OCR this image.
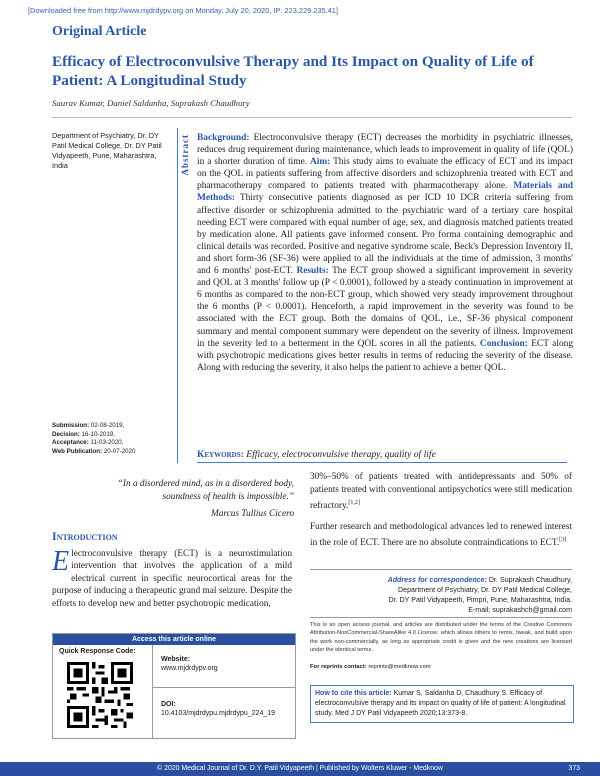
[Downloaded free from http://www.mjdrdypv.org on Monday, July 20, 2020, IP: 223.229.235.41]
Original Article
Efficacy of Electroconvulsive Therapy and Its Impact on Quality of Life of Patient: A Longitudinal Study
Saurav Kumar, Daniel Saldanha, Suprakash Chaudhury
Department of Psychiatry, Dr. DY Patil Medical College, Dr. DY Patil Vidyapeeth, Pune, Maharashtra, India
Submission: 02-08-2019,
Decision: 16-10-2019,
Acceptance: 11-03-2020,
Web Publication: 20-07-2020
Abstract Background: Electroconvulsive therapy (ECT) decreases the morbidity in psychiatric illnesses, reduces drug requirement during maintenance, which leads to improvement in quality of life (QOL) in a shorter duration of time. Aim: This study aims to evaluate the efficacy of ECT and its impact on the QOL in patients suffering from affective disorders and schizophrenia treated with ECT and pharmacotherapy compared to patients treated with pharmacotherapy alone. Materials and Methods: Thirty consecutive patients diagnosed as per ICD 10 DCR criteria suffering from affective disorder or schizophrenia admitted to the psychiatric ward of a tertiary care hospital needing ECT were compared with equal number of age, sex, and diagnosis matched patients treated by medication alone. All patients gave informed consent. Pro forma containing demographic and clinical details was recorded. Positive and negative syndrome scale, Beck's Depression Inventory II, and short form-36 (SF-36) were applied to all the individuals at the time of admission, 3 months' and 6 months' post-ECT. Results: The ECT group showed a significant improvement in severity and QOL at 3 months' follow up (P < 0.0001), followed by a steady continuation in improvement at 6 months as compared to the non-ECT group, which showed very steady improvement throughout the 6 months (P < 0.0001). Henceforth, a rapid improvement in the severity was found to be associated with the ECT group. Both the domains of QOL, i.e., SF-36 physical component summary and mental component summary were dependent on the severity of illness. Improvement in the severity led to a betterment in the QOL scores in all the patients. Conclusion: ECT along with psychotropic medications gives better results in terms of reducing the severity of the disease. Along with reducing the severity, it also helps the patient to achieve a better QOL.
Keywords: Efficacy, electroconvulsive therapy, quality of life
“In a disordered mind, as in a disordered body,
soundness of health is impossible.”
Marcus Tullius Cicero
Introduction
Electroconvulsive therapy (ECT) is a neurostimulation intervention that involves the application of a mild electrical current in specific neurocortical areas for the purpose of inducing a therapeutic grand mal seizure. Despite the efforts to develop new and better psychotropic medication,
Access this article online
Quick Response Code:
Website:
www.mjdrdypv.org
DOI:
10.4103/mjdrdypu.mjdrdypu_224_19
30%–50% of patients treated with antidepressants and 50% of patients treated with conventional antipsychotics were still medication refractory.[1,2]
Further research and methodological advances led to renewed interest in the role of ECT. There are no absolute contraindications to ECT.[3]
Address for correspondence: Dr. Suprakash Chaudhury,
Department of Psychiatry, Dr. DY Patil Medical College,
Dr. DY Patil Vidyapeeth, Pimpri, Pune, Maharashtra, India.
E-mail: suprakashch@gmail.com
This is an open access journal, and articles are distributed under the terms of the Creative Commons Attribution-NonCommercial-ShareAlike 4.0 License, which allows others to remix, tweak, and build upon the work non-commercially, as long as appropriate credit is given and the new creations are licensed under the identical terms.
For reprints contact: reprints@medknow.com
How to cite this article: Kumar S, Saldanha D, Chaudhury S. Efficacy of electroconvulsive therapy and its impact on quality of life of patient: A longitudinal study. Med J DY Patil Vidyapeeth 2020;13:373-8.
© 2020 Medical Journal of Dr. D.Y. Patil Vidyapeeth | Published by Wolters Kluwer - Medknow	373
